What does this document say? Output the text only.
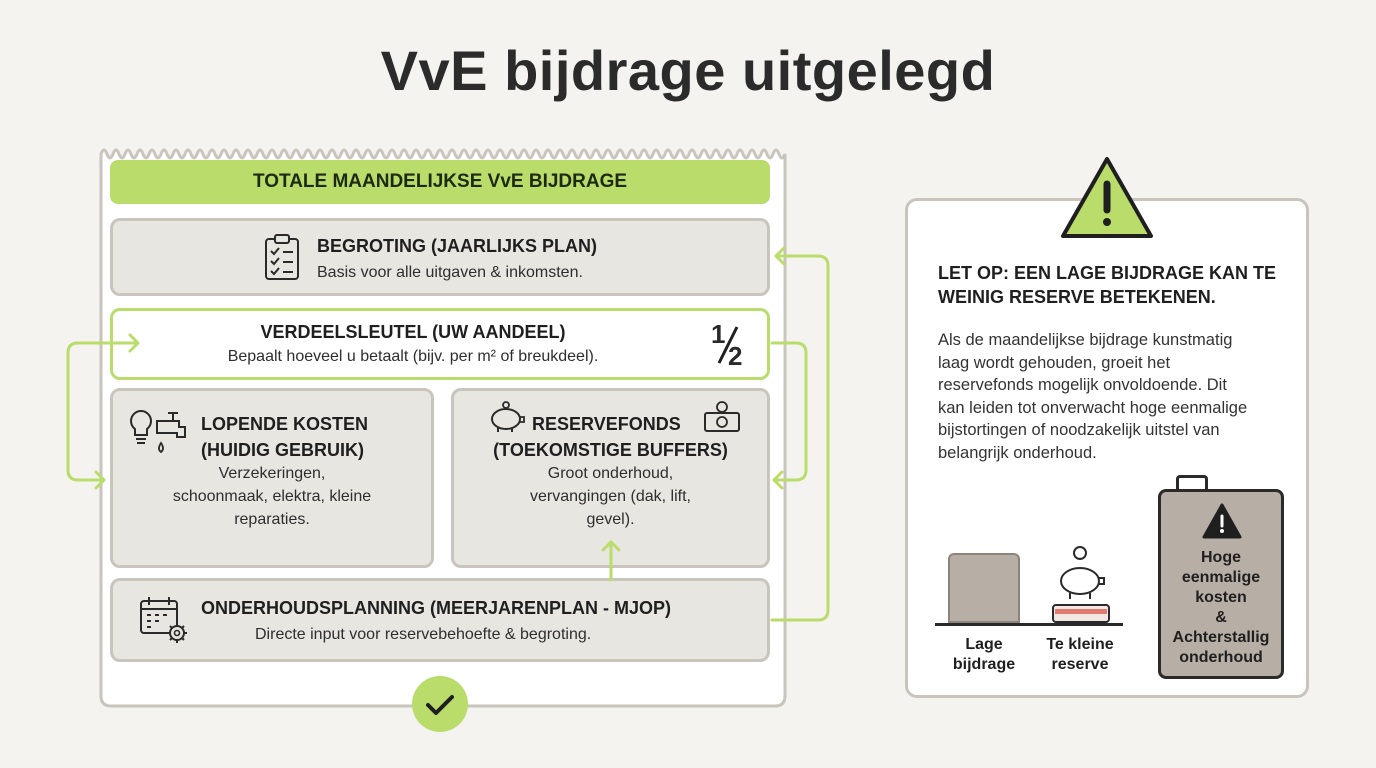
VvE bijdrage uitgelegd
TOTALE MAANDELIJKSE VvE BIJDRAGE
BEGROTING (JAARLIJKS PLAN)
Basis voor alle uitgaven & inkomsten.
VERDEELSLEUTEL (UW AANDEEL)
Bepaalt hoeveel u betaalt (bijv. per m² of breukdeel).
1
2
LOPENDE KOSTEN
(HUIDIG GEBRUIK)
Verzekeringen,
schoonmaak, elektra, kleine
reparaties.
RESERVEFONDS
(TOEKOMSTIGE BUFFERS)
Groot onderhoud,
vervangingen (dak, lift,
gevel).
ONDERHOUDSPLANNING (MEERJARENPLAN - MJOP)
Directe input voor reservebehoefte & begroting.
LET OP: EEN LAGE BIJDRAGE KAN TE
WEINIG RESERVE BETEKENEN.
Als de maandelijkse bijdrage kunstmatig
laag wordt gehouden, groeit het
reservefonds mogelijk onvoldoende. Dit
kan leiden tot onverwacht hoge eenmalige
bijstortingen of noodzakelijk uitstel van
belangrijk onderhoud.
Lage
bijdrage
Te kleine
reserve
Hoge
eenmalige
kosten
&
Achterstallig
onderhoud
